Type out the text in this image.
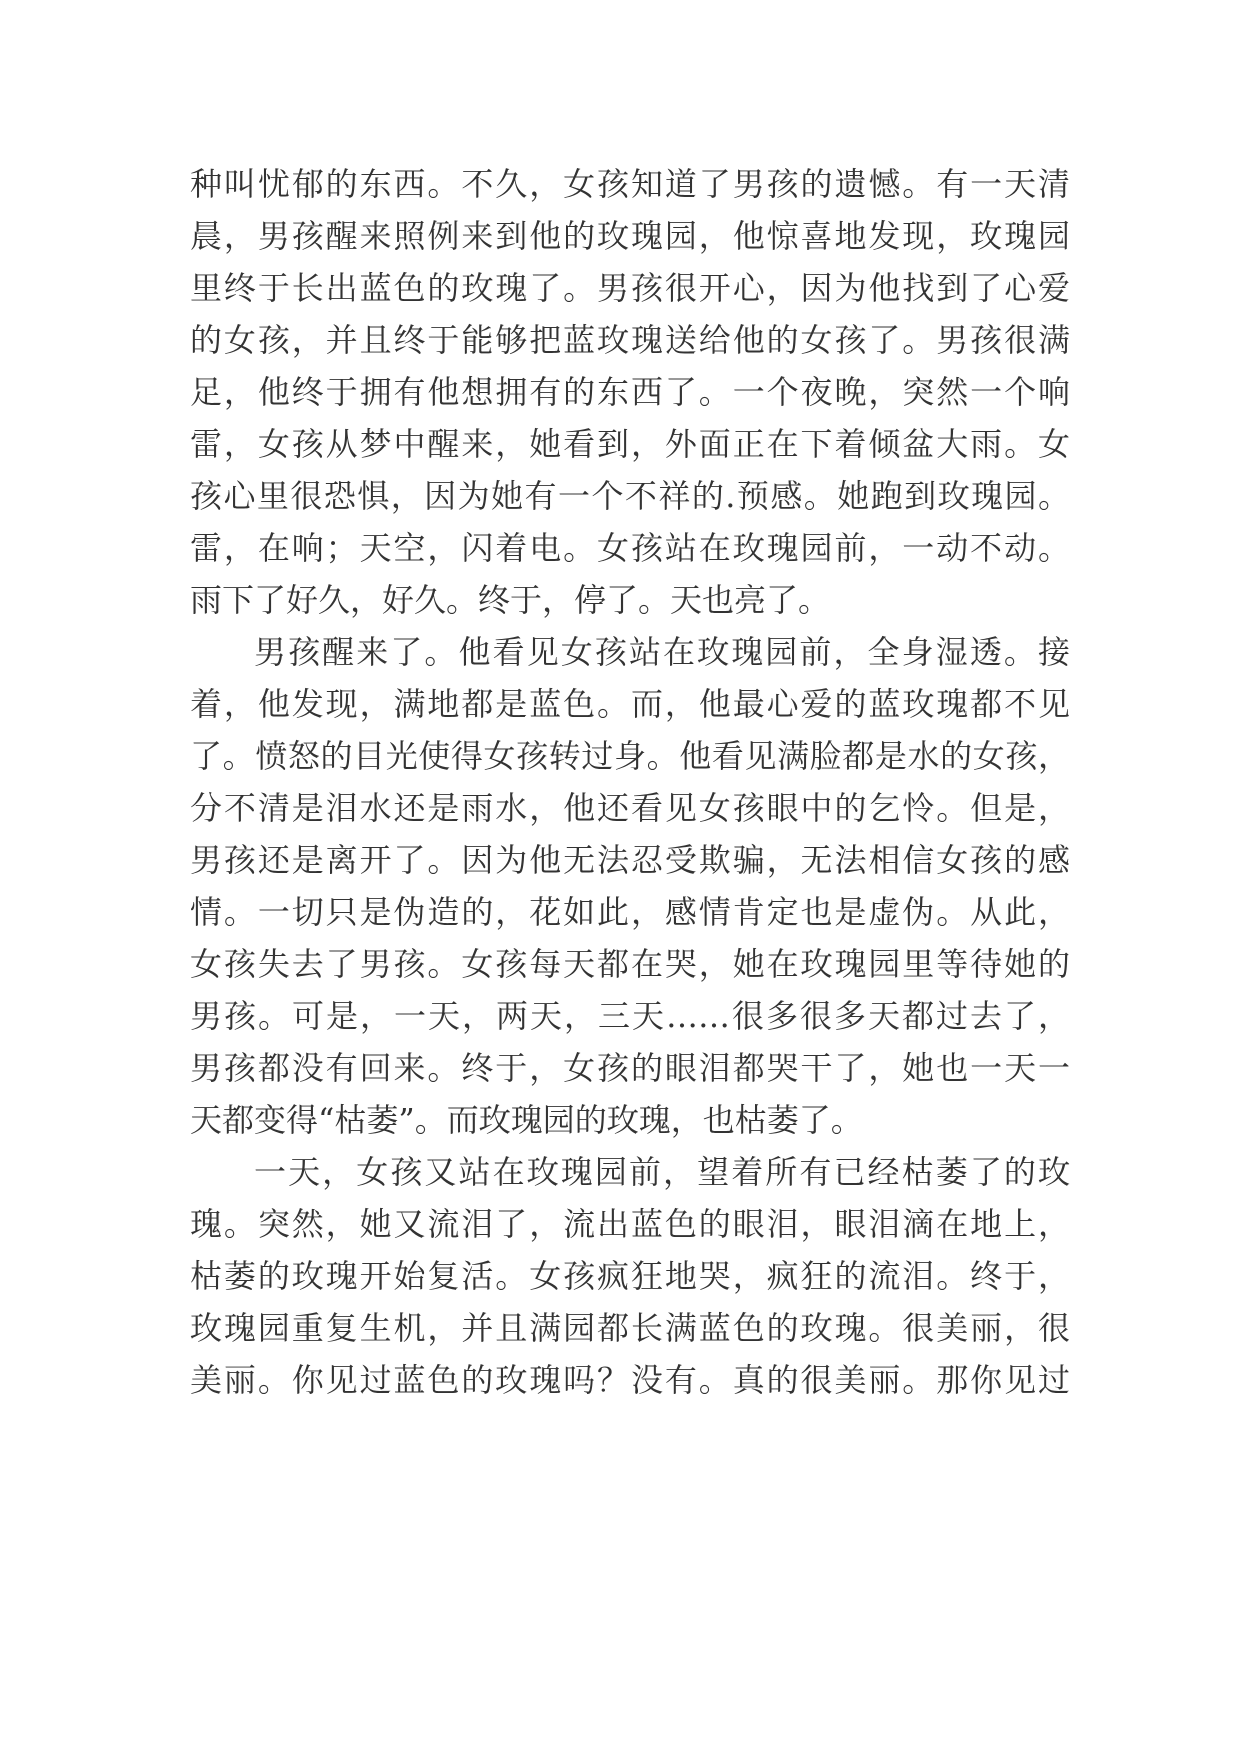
种叫忧郁的东西。不久，女孩知道了男孩的遗憾。有一天清
晨，男孩醒来照例来到他的玫瑰园，他惊喜地发现，玫瑰园
里终于长出蓝色的玫瑰了。男孩很开心，因为他找到了心爱
的女孩，并且终于能够把蓝玫瑰送给他的女孩了。男孩很满
足，他终于拥有他想拥有的东西了。一个夜晚，突然一个响
雷，女孩从梦中醒来，她看到，外面正在下着倾盆大雨。女
孩心里很恐惧，因为她有一个不祥的.预感。她跑到玫瑰园。
雷，在响；天空，闪着电。女孩站在玫瑰园前，一动不动。
雨下了好久，好久。终于，停了。天也亮了。
男孩醒来了。他看见女孩站在玫瑰园前，全身湿透。接
着，他发现，满地都是蓝色。而，他最心爱的蓝玫瑰都不见
了。愤怒的目光使得女孩转过身。他看见满脸都是水的女孩，
分不清是泪水还是雨水，他还看见女孩眼中的乞怜。但是，
男孩还是离开了。因为他无法忍受欺骗，无法相信女孩的感
情。一切只是伪造的，花如此，感情肯定也是虚伪。从此，
女孩失去了男孩。女孩每天都在哭，她在玫瑰园里等待她的
男孩。可是，一天，两天，三天……很多很多天都过去了，
男孩都没有回来。终于，女孩的眼泪都哭干了，她也一天一
天都变得“枯萎”。而玫瑰园的玫瑰，也枯萎了。
一天，女孩又站在玫瑰园前，望着所有已经枯萎了的玫
瑰。突然，她又流泪了，流出蓝色的眼泪，眼泪滴在地上，
枯萎的玫瑰开始复活。女孩疯狂地哭，疯狂的流泪。终于，
玫瑰园重复生机，并且满园都长满蓝色的玫瑰。很美丽，很
美丽。你见过蓝色的玫瑰吗？没有。真的很美丽。那你见过
